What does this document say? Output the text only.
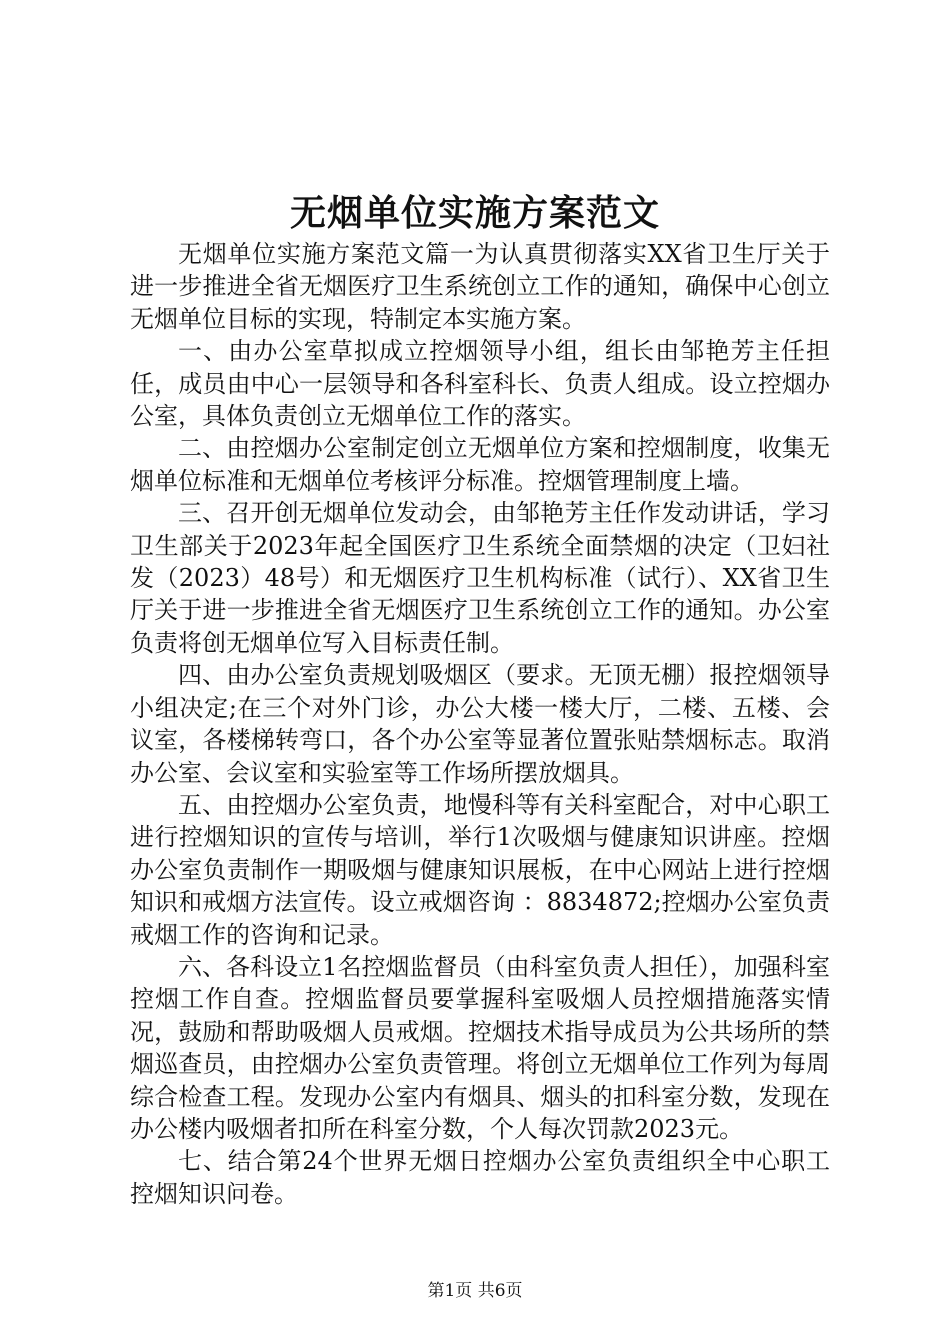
无烟单位实施方案范文

无烟单位实施方案范文篇一为认真贯彻落实XX省卫生厅关于进一步推进全省无烟医疗卫生系统创立工作的通知，确保中心创立无烟单位目标的实现，特制定本实施方案。

一、由办公室草拟成立控烟领导小组，组长由邹艳芳主任担任，成员由中心一层领导和各科室科长、负责人组成。设立控烟办公室，具体负责创立无烟单位工作的落实。

二、由控烟办公室制定创立无烟单位方案和控烟制度，收集无烟单位标准和无烟单位考核评分标准。控烟管理制度上墙。

三、召开创无烟单位发动会，由邹艳芳主任作发动讲话，学习卫生部关于2023年起全国医疗卫生系统全面禁烟的决定（卫妇社发（2023）48号）和无烟医疗卫生机构标准（试行）、XX省卫生厅关于进一步推进全省无烟医疗卫生系统创立工作的通知。办公室负责将创无烟单位写入目标责任制。

四、由办公室负责规划吸烟区（要求。无顶无棚）报控烟领导小组决定;在三个对外门诊，办公大楼一楼大厅，二楼、五楼、会议室，各楼梯转弯口，各个办公室等显著位置张贴禁烟标志。取消办公室、会议室和实验室等工作场所摆放烟具。

五、由控烟办公室负责，地慢科等有关科室配合，对中心职工进行控烟知识的宣传与培训，举行1次吸烟与健康知识讲座。控烟办公室负责制作一期吸烟与健康知识展板，在中心网站上进行控烟知识和戒烟方法宣传。设立戒烟咨询 ：8834872;控烟办公室负责戒烟工作的咨询和记录。

六、各科设立1名控烟监督员（由科室负责人担任），加强科室控烟工作自查。控烟监督员要掌握科室吸烟人员控烟措施落实情况，鼓励和帮助吸烟人员戒烟。控烟技术指导成员为公共场所的禁烟巡查员，由控烟办公室负责管理。将创立无烟单位工作列为每周综合检查工程。发现办公室内有烟具、烟头的扣科室分数，发现在办公楼内吸烟者扣所在科室分数，个人每次罚款2023元。

七、结合第24个世界无烟日控烟办公室负责组织全中心职工控烟知识问卷。

第1页 共6页
